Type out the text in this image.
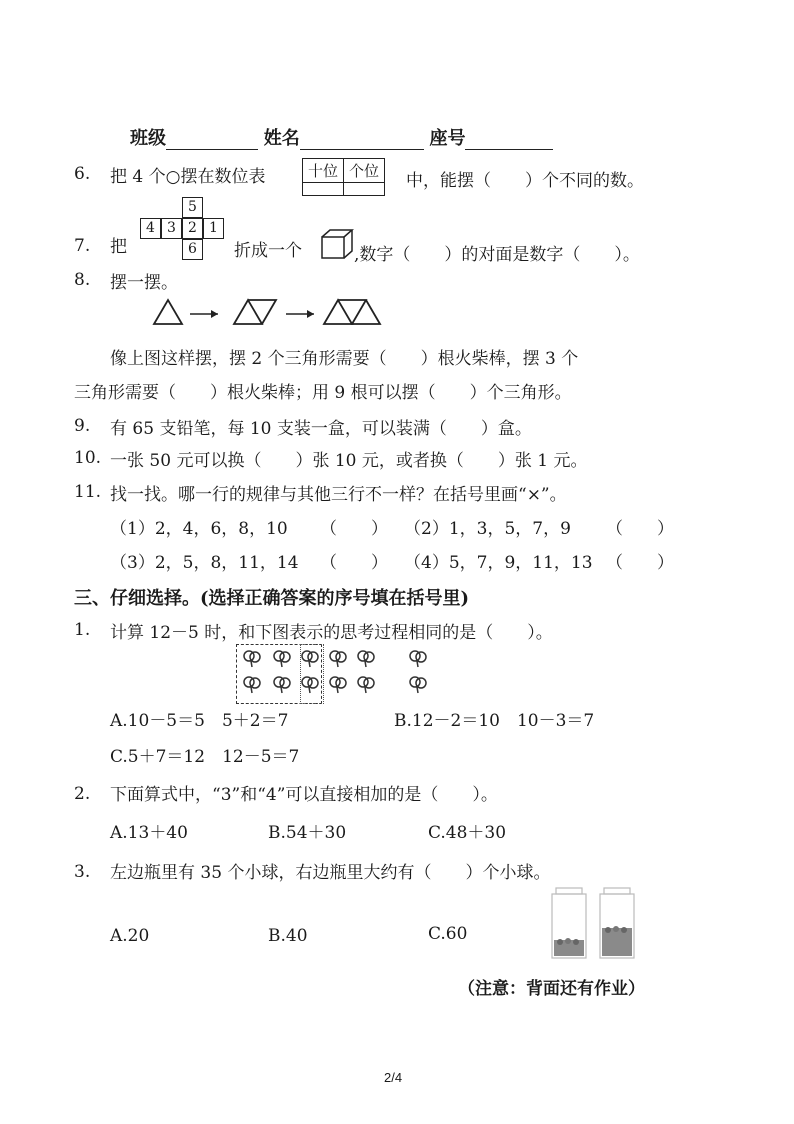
班级	姓名	座号
6. 把 4 个○摆在数位表	十位	个位
	中，能摆（　　）个不同的数。
7. 把
4 3 2 1
5
6	折成一个	,数字（　　）的对面是数字（　　）。
8. 摆一摆。
像上图这样摆，摆 2 个三角形需要（　　）根火柴棒，摆 3 个
三角形需要（　　）根火柴棒；用 9 根可以摆（　　）个三角形。
9. 有 65 支铅笔，每 10 支装一盒，可以装满（　　）盒。
10. 一张 50 元可以换（　　）张 10 元，或者换（　　）张 1 元。
11. 找一找。哪一行的规律与其他三行不一样？在括号里画“×”。
（1）2，4，6，8，10 （　　） （2）1，3，5，7，9 （　　）
（3）2，5，8，11，14 （　　） （4）5，7，9，11，13 （　　）
三、仔细选择。(选择正确答案的序号填在括号里)
1. 计算 12－5 时，和下图表示的思考过程相同的是（　　）。
A.10－5＝5　5＋2＝7	B.12－2＝10　10－3＝7
C.5＋7＝12　12－5＝7
2. 下面算式中，“3”和“4”可以直接相加的是（　　）。
A.13＋40	B.54＋30	C.48＋30
3. 左边瓶里有 35 个小球，右边瓶里大约有（　　）个小球。
A.20	B.40	C.60
（注意：背面还有作业）
2/4
